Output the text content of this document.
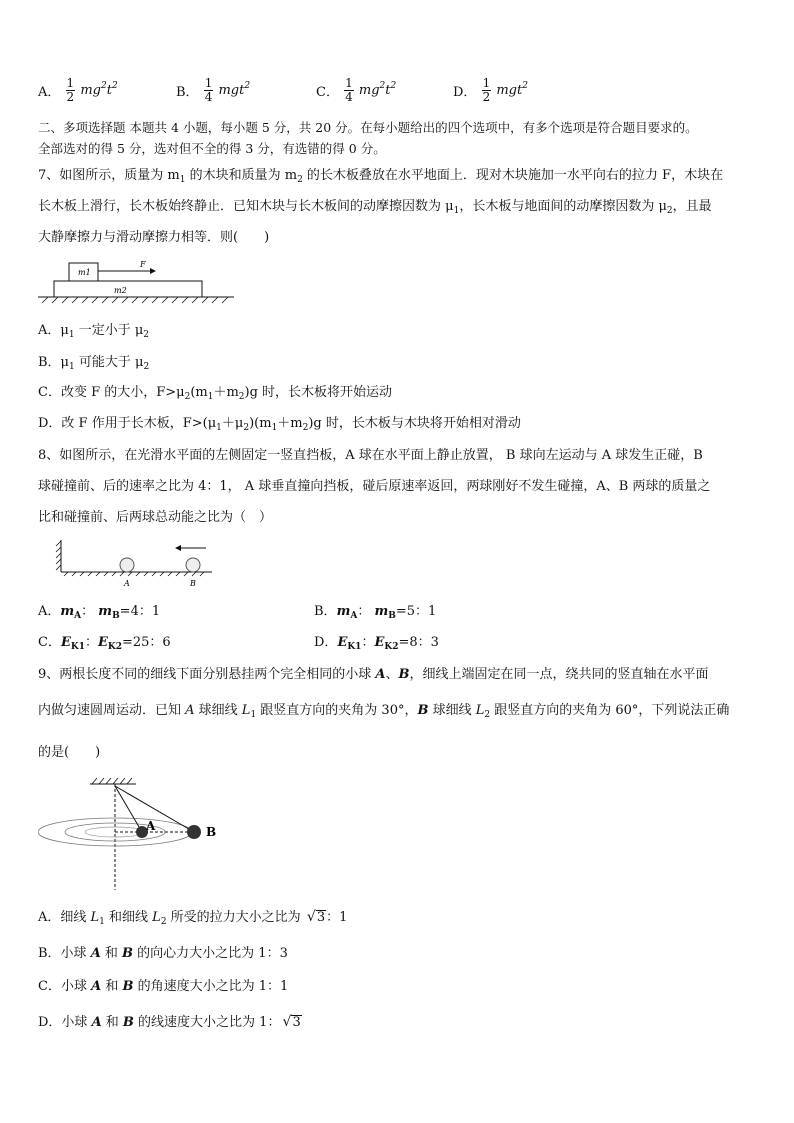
A． $\frac{1}{2} mg^2t^2$	B． $\frac{1}{4} mgt^2$	C． $\frac{1}{4} mg^2t^2$	D． $\frac{1}{2} mgt^2$
二、多项选择题 本题共 4 小题，每小题 5 分，共 20 分。在每小题给出的四个选项中，有多个选项是符合题目要求的。
全部选对的得 5 分，选对但不全的得 3 分，有选错的得 0 分。
7、如图所示，质量为 $m_1$ 的木块和质量为 $m_2$ 的长木板叠放在水平地面上．现对木块施加一水平向右的拉力 F，木块在
长木板上滑行，长木板始终静止．已知木块与长木板间的动摩擦因数为 $\mu_1$，长木板与地面间的动摩擦因数为 $\mu_2$，且最
大静摩擦力与滑动摩擦力相等．则(　　)
m1
F
m2
A．$\mu_1$ 一定小于 $\mu_2$
B．$\mu_1$ 可能大于 $\mu_2$
C．改变 F 的大小，$F>\mu_2(m_1+m_2)g$ 时，长木板将开始运动
D．改 F 作用于长木板，$F>(\mu_1+\mu_2)(m_1+m_2)g$ 时，长木板与木块将开始相对滑动
8、如图所示，在光滑水平面的左侧固定一竖直挡板，A 球在水平面上静止放置， B 球向左运动与 A 球发生正碰，B
球碰撞前、后的速率之比为 4：1， A 球垂直撞向挡板，碰后原速率返回，两球刚好不发生碰撞，A、B 两球的质量之
比和碰撞前、后两球总动能之比为（　）
A	B
A．$m_A$： $m_B=4$：1	B．$m_A$： $m_B=5$：1
C．$E_{K1}$：$E_{K2}=25$：6	D．$E_{K1}$：$E_{K2}=8$：3
9、两根长度不同的细线下面分别悬挂两个完全相同的小球 A、B，细线上端固定在同一点，绕共同的竖直轴在水平面
内做匀速圆周运动．已知 A 球细线 $L_1$ 跟竖直方向的夹角为 30°，B 球细线 $L_2$ 跟竖直方向的夹角为 60°，下列说法正确
的是(　　)
A	B
A．细线 $L_1$ 和细线 $L_2$ 所受的拉力大小之比为 √ 3：1
B．小球 A 和 B 的向心力大小之比为 1：3
C．小球 A 和 B 的角速度大小之比为 1：1
D．小球 A 和 B 的线速度大小之比为 1：√ 3
